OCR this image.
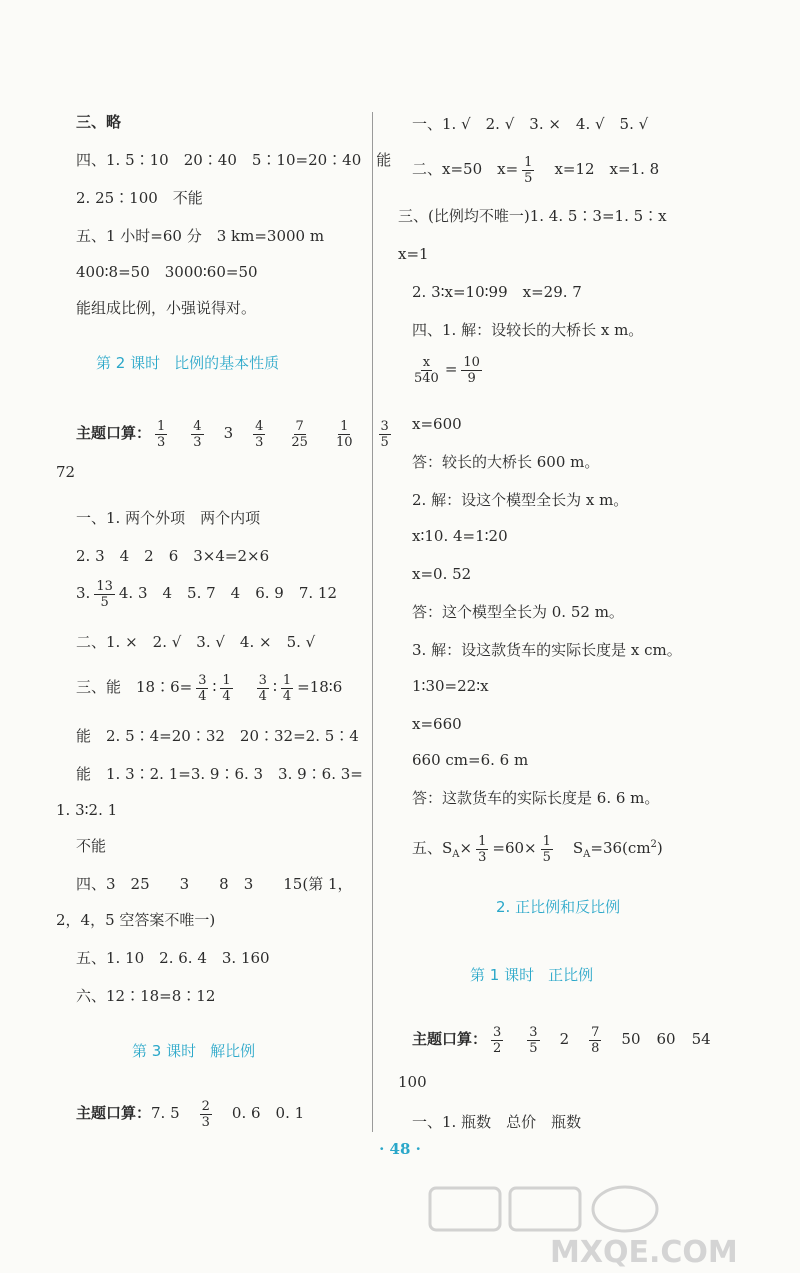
三、略
四、1. 5∶10　20∶40　5∶10=20∶40　能
2. 25∶100　不能
五、1 小时=60 分　3 km=3000 m
400∶8=50　3000∶60=50
能组成比例，小强说得对。
第 2 课时 比例的基本性质
主题口算： $\frac{1}{3} \frac{4}{3} 3 \frac{4}{3} \frac{7}{25} \frac{1}{10} \frac{3}{5}$
72
一、1. 两个外项　两个内项
2. 3　4　2　6　3×4=2×6
3. $\frac{13}{5} 4$. 3　4　5. 7　4　6. 9　7. 12
二、1. ×　2. √　3. √　4. ×　5. √
三、能　18∶6= $\frac{3}{4}$ ∶ $\frac{1}{4} \frac{3}{4}$ ∶ $\frac{1}{4}$ =18∶6
能　2. 5∶4=20∶32　20∶32=2. 5∶4
能　1. 3∶2. 1=3. 9∶6. 3　3. 9∶6. 3=
1. 3∶2. 1
不能
四、3　25　　3　　8　3　　15(第 1，
2，4，5 空答案不唯一)
五、1. 10　2. 6. 4　3. 160
六、12∶18=8∶12
第 3 课时 解比例
主题口算：7. $5 \frac{2}{3} 0$. 6　0. 1
一、1. √　2. √　3. ×　4. √　5. √
二、x=50　$x= \frac{1}{5} x=12$　x=1. 8
三、(比例均不唯一)1. 4. 5∶3=1. 5∶x
x=1
2. 3∶x=10∶99　x=29. 7
四、1. 解：设较长的大桥长 x m。
$\frac{x}{540} = \frac{10}{9}$
x=600
答：较长的大桥长 600 m。
2. 解：设这个模型全长为 x m。
x∶10. 4=1∶20
x=0. 52
答：这个模型全长为 0. 52 m。
3. 解：设这款货车的实际长度是 x cm。
1∶30=22∶x
x=660
660 cm=6. 6 m
答：这款货车的实际长度是 6. 6 m。
五、$S_A\times \frac{1}{3} =60\times \frac{1}{5} S_A=36(cm^2)$
2. 正比例和反比例
第 1 课时 正比例
主题口算： $\frac{3}{2} \frac{3}{5} 2 \frac{7}{8} 50$ 60 54
100
一、1. 瓶数　总价　瓶数
· 48 ·
MXQE.COM
